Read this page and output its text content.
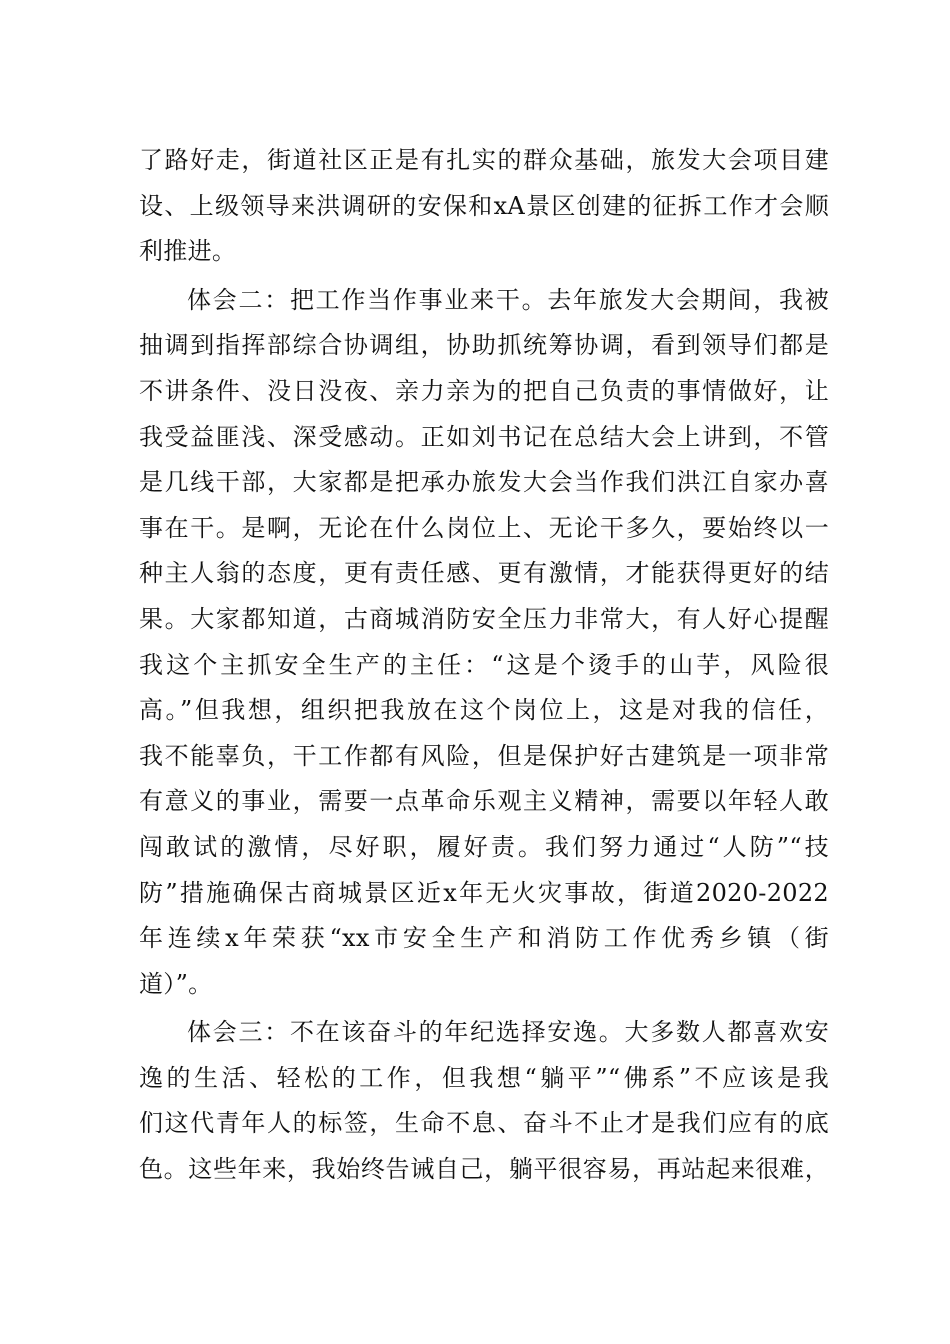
了路好走，街道社区正是有扎实的群众基础，旅发大会项目建
设、上级领导来洪调研的安保和xA景区创建的征拆工作才会顺
利推进。
体会二：把工作当作事业来干。去年旅发大会期间，我被
抽调到指挥部综合协调组，协助抓统筹协调，看到领导们都是
不讲条件、没日没夜、亲力亲为的把自己负责的事情做好，让
我受益匪浅、深受感动。正如刘书记在总结大会上讲到，不管
是几线干部，大家都是把承办旅发大会当作我们洪江自家办喜
事在干。是啊，无论在什么岗位上、无论干多久，要始终以一
种主人翁的态度，更有责任感、更有激情，才能获得更好的结
果。大家都知道，古商城消防安全压力非常大，有人好心提醒
我这个主抓安全生产的主任：“这是个烫手的山芋，风险很
高。”但我想，组织把我放在这个岗位上，这是对我的信任，
我不能辜负，干工作都有风险，但是保护好古建筑是一项非常
有意义的事业，需要一点革命乐观主义精神，需要以年轻人敢
闯敢试的激情，尽好职，履好责。我们努力通过“人防”“技
防”措施确保古商城景区近x年无火灾事故，街道2020-2022
年连续x年荣获“xx市安全生产和消防工作优秀乡镇（街
道）”。
体会三：不在该奋斗的年纪选择安逸。大多数人都喜欢安
逸的生活、轻松的工作，但我想“躺平”“佛系”不应该是我
们这代青年人的标签，生命不息、奋斗不止才是我们应有的底
色。这些年来，我始终告诫自己，躺平很容易，再站起来很难，
